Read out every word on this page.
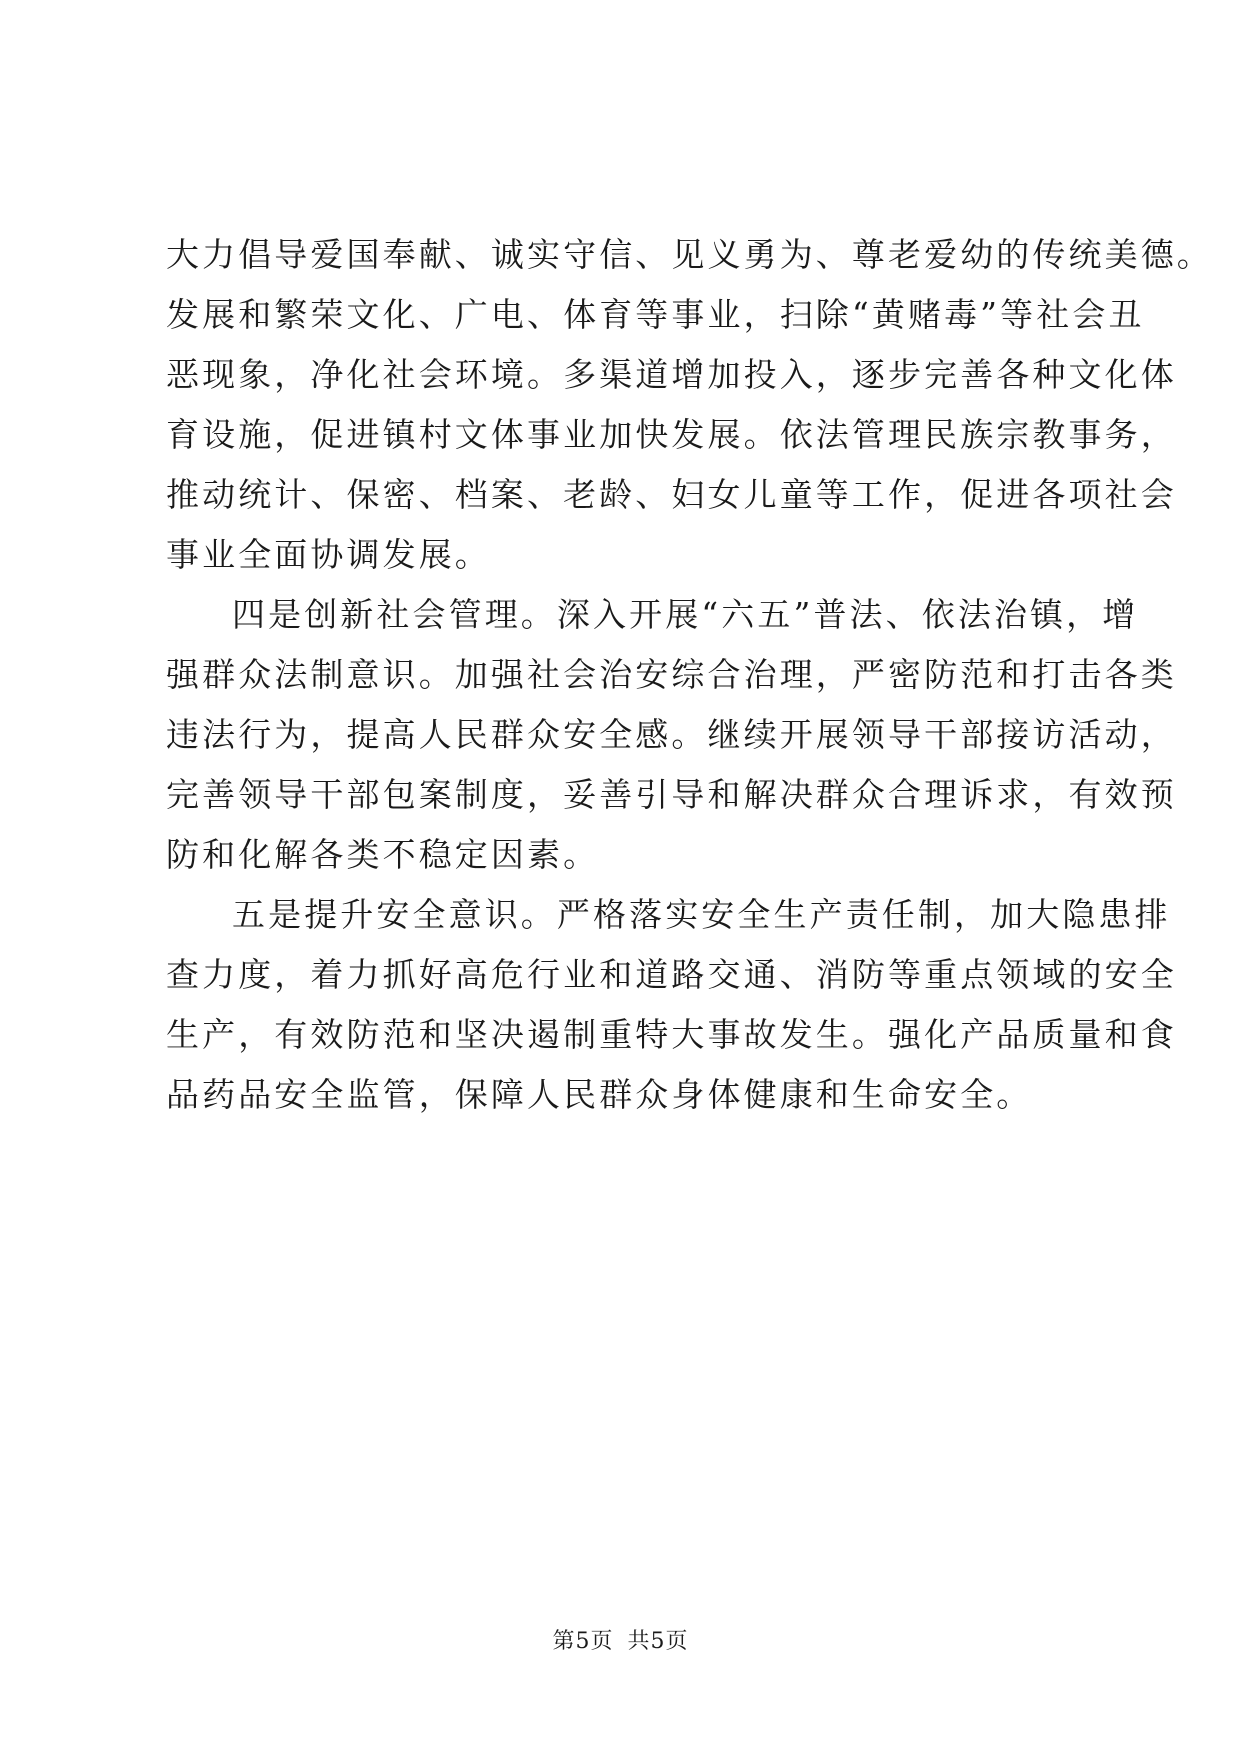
大力倡导爱国奉献、诚实守信、见义勇为、尊老爱幼的传统美德。
发展和繁荣文化、广电、体育等事业，扫除“黄赌毒”等社会丑
恶现象，净化社会环境。多渠道增加投入，逐步完善各种文化体
育设施，促进镇村文体事业加快发展。依法管理民族宗教事务，
推动统计、保密、档案、老龄、妇女儿童等工作，促进各项社会
事业全面协调发展。
四是创新社会管理。深入开展“六五”普法、依法治镇，增
强群众法制意识。加强社会治安综合治理，严密防范和打击各类
违法行为，提高人民群众安全感。继续开展领导干部接访活动，
完善领导干部包案制度，妥善引导和解决群众合理诉求，有效预
防和化解各类不稳定因素。
五是提升安全意识。严格落实安全生产责任制，加大隐患排
查力度，着力抓好高危行业和道路交通、消防等重点领域的安全
生产，有效防范和坚决遏制重特大事故发生。强化产品质量和食
品药品安全监管，保障人民群众身体健康和生命安全。
第5页 共5页
